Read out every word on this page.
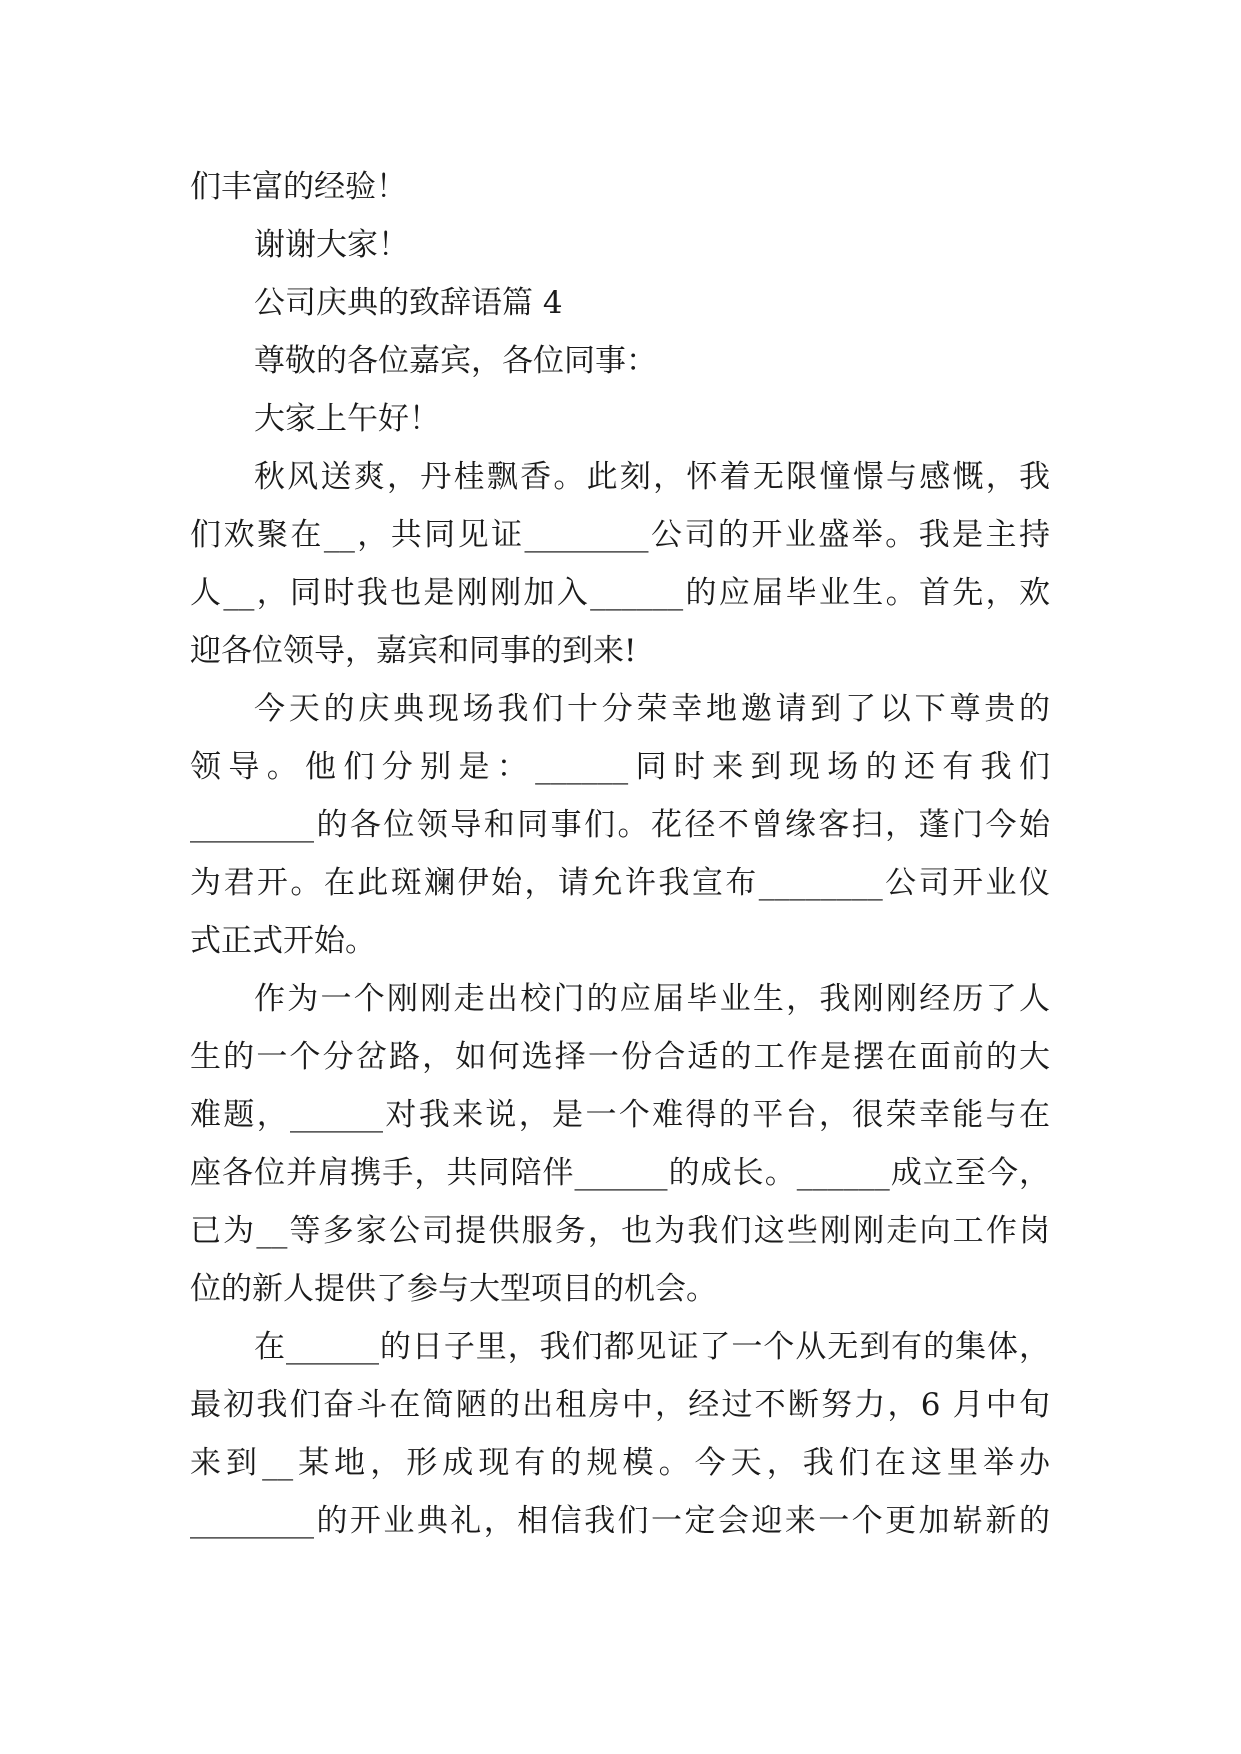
们丰富的经验！
谢谢大家！
公司庆典的致辞语篇 4
尊敬的各位嘉宾，各位同事：
大家上午好！
秋风送爽，丹桂飘香。此刻，怀着无限憧憬与感慨，我
们欢聚在__，共同见证________公司的开业盛举。我是主持
人__，同时我也是刚刚加入______的应届毕业生。首先，欢
迎各位领导，嘉宾和同事的到来!
今天的庆典现场我们十分荣幸地邀请到了以下尊贵的
领导。他们分别是：______同时来到现场的还有我们
________的各位领导和同事们。花径不曾缘客扫，蓬门今始
为君开。在此斑斓伊始，请允许我宣布________公司开业仪
式正式开始。
作为一个刚刚走出校门的应届毕业生，我刚刚经历了人
生的一个分岔路，如何选择一份合适的工作是摆在面前的大
难题，______对我来说，是一个难得的平台，很荣幸能与在
座各位并肩携手，共同陪伴______的成长。______成立至今，
已为__等多家公司提供服务，也为我们这些刚刚走向工作岗
位的新人提供了参与大型项目的机会。
在______的日子里，我们都见证了一个从无到有的集体，
最初我们奋斗在简陋的出租房中，经过不断努力，6 月中旬
来到__某地，形成现有的规模。今天，我们在这里举办
________的开业典礼，相信我们一定会迎来一个更加崭新的
